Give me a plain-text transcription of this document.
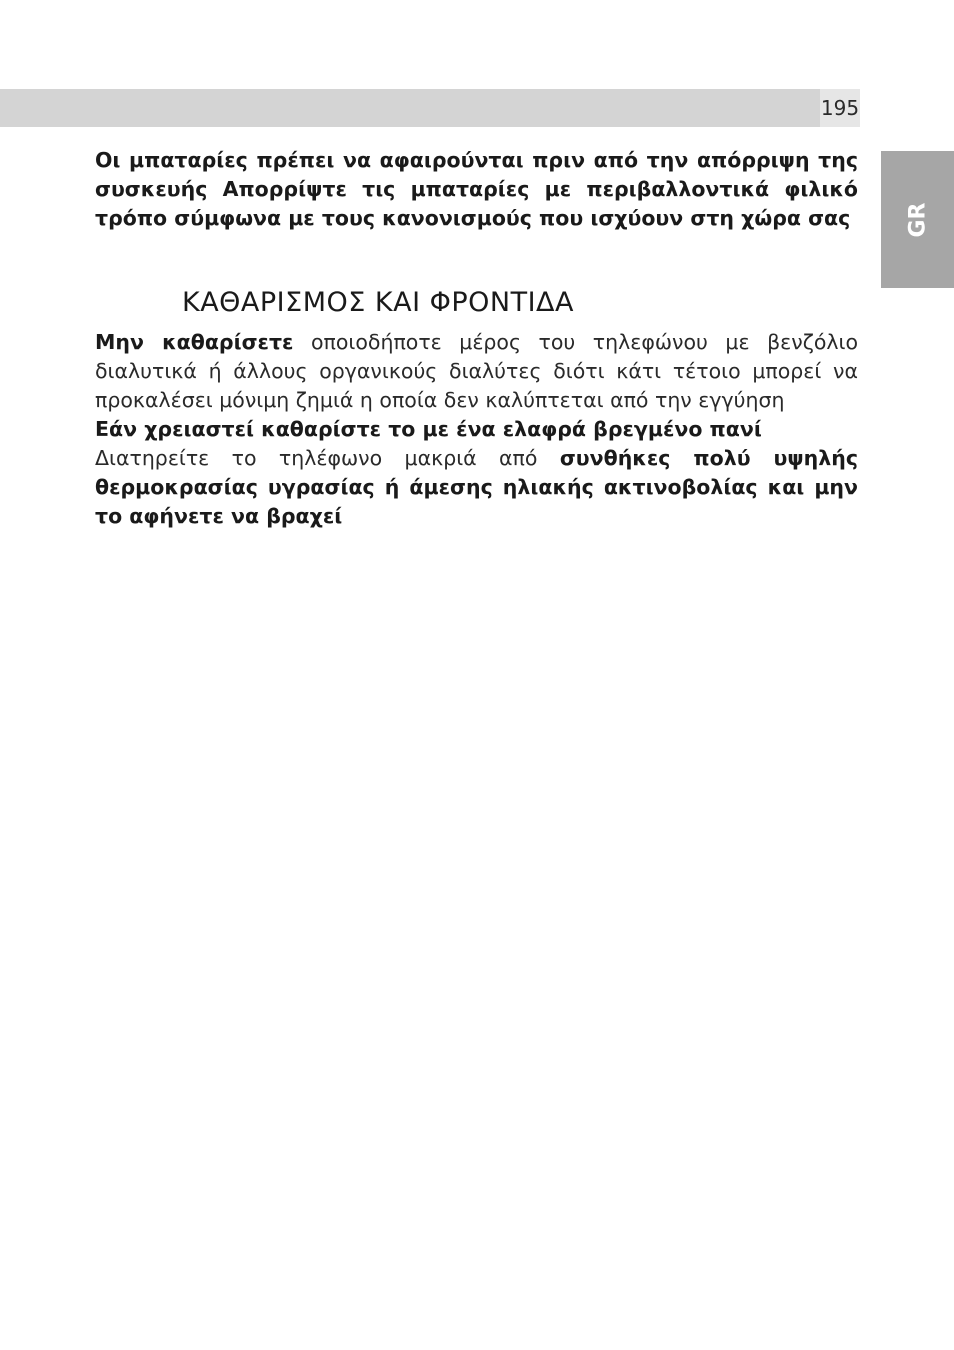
195
GR
Οι μπαταρίες πρέπει να αφαιρούνται πριν από την απόρριψη της συσκευής Απορρίψτε τις μπαταρίες με περιβαλλοντικά φιλικό τρόπο σύμφωνα με τους κανονισμούς που ισχύουν στη χώρα σας
ΚΑΘΑΡΙΣΜΟΣ ΚΑΙ ΦΡΟΝΤΙΔΑ
Μην καθαρίσετε οποιοδήποτε μέρος του τηλεφώνου με βενζόλιο διαλυτικά ή άλλους οργανικούς διαλύτες διότι κάτι τέτοιο μπορεί να προκαλέσει μόνιμη ζημιά η οποία δεν καλύπτεται από την εγγύηση
Εάν χρειαστεί καθαρίστε το με ένα ελαφρά βρεγμένο πανί
Διατηρείτε το τηλέφωνο μακριά από συνθήκες πολύ υψηλής θερμοκρασίας υγρασίας ή άμεσης ηλιακής ακτινοβολίας και μην το αφήνετε να βραχεί
